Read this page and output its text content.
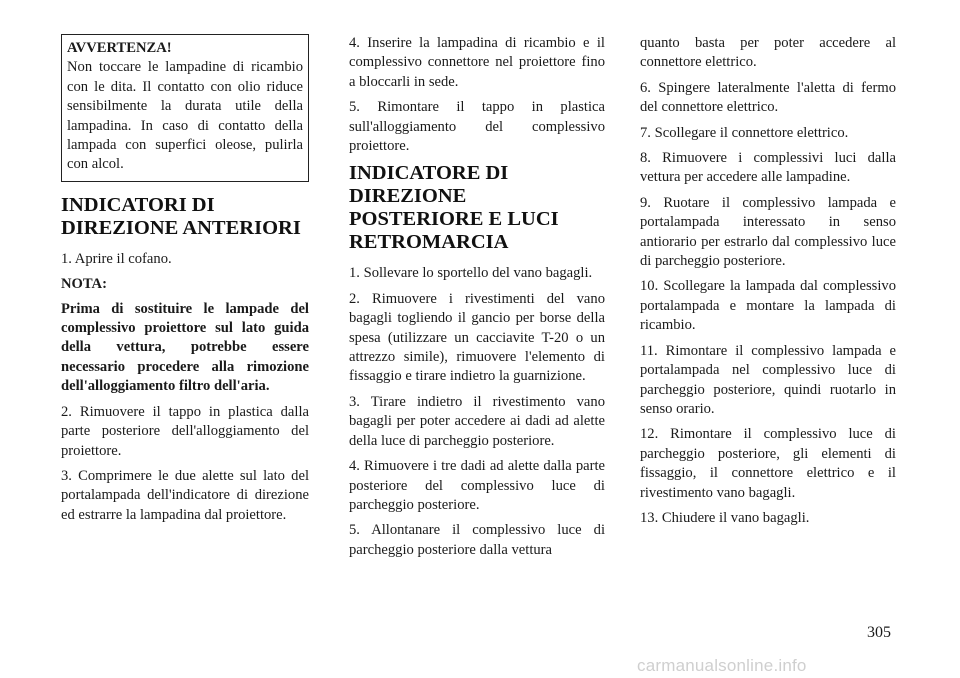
AVVERTENZA!
Non toccare le lampadine di ricambio con le dita. Il contatto con olio riduce sensibilmente la durata utile della lampadina. In caso di contatto della lampada con superfici oleose, pulirla con alcol.
INDICATORI DI DIREZIONE ANTERIORI

1. Aprire il cofano.

NOTA:

Prima di sostituire le lampade del complessivo proiettore sul lato guida della vettura, potrebbe essere necessario procedere alla rimozione dell'alloggiamento filtro dell'aria.

2. Rimuovere il tappo in plastica dalla parte posteriore dell'alloggiamento del proiettore.

3. Comprimere le due alette sul lato del portalampada dell'indicatore di direzione ed estrarre la lampadina dal proiettore.

4. Inserire la lampadina di ricambio e il complessivo connettore nel proiettore fino a bloccarli in sede.

5. Rimontare il tappo in plastica sull'alloggiamento del complessivo proiettore.

INDICATORE DI DIREZIONE POSTERIORE E LUCI RETROMARCIA

1. Sollevare lo sportello del vano bagagli.

2. Rimuovere i rivestimenti del vano bagagli togliendo il gancio per borse della spesa (utilizzare un cacciavite T-20 o un attrezzo simile), rimuovere l'elemento di fissaggio e tirare indietro la guarnizione.

3. Tirare indietro il rivestimento vano bagagli per poter accedere ai dadi ad alette della luce di parcheggio posteriore.

4. Rimuovere i tre dadi ad alette dalla parte posteriore del complessivo luce di parcheggio posteriore.

5. Allontanare il complessivo luce di parcheggio posteriore dalla vettura

quanto basta per poter accedere al connettore elettrico.

6. Spingere lateralmente l'aletta di fermo del connettore elettrico.

7. Scollegare il connettore elettrico.

8. Rimuovere i complessivi luci dalla vettura per accedere alle lampadine.

9. Ruotare il complessivo lampada e portalampada interessato in senso antiorario per estrarlo dal complessivo luce di parcheggio posteriore.

10. Scollegare la lampada dal complessivo portalampada e montare la lampada di ricambio.

11. Rimontare il complessivo lampada e portalampada nel complessivo luce di parcheggio posteriore, quindi ruotarlo in senso orario.

12. Rimontare il complessivo luce di parcheggio posteriore, gli elementi di fissaggio, il connettore elettrico e il rivestimento vano bagagli.

13. Chiudere il vano bagagli.

305
carmanualsonline.info
